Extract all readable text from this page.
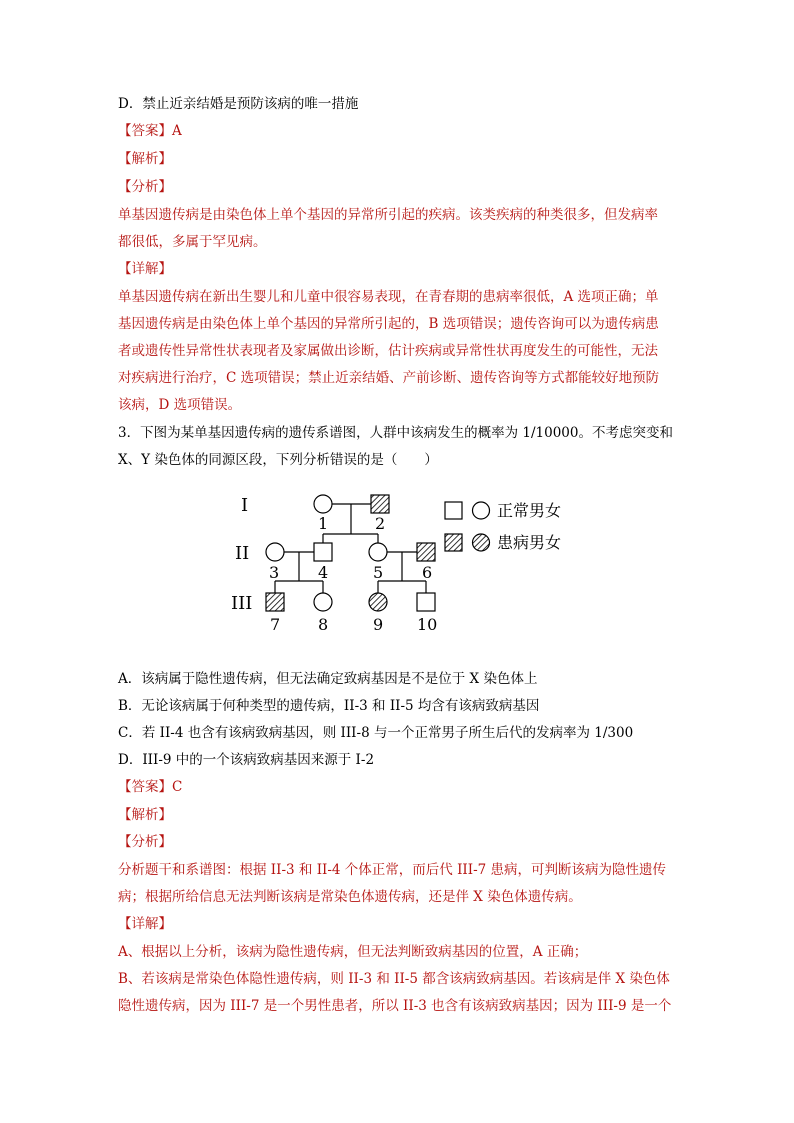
D．禁止近亲结婚是预防该病的唯一措施
【答案】A
【解析】
【分析】
单基因遗传病是由染色体上单个基因的异常所引起的疾病。该类疾病的种类很多，但发病率
都很低，多属于罕见病。
【详解】
单基因遗传病在新出生婴儿和儿童中很容易表现，在青春期的患病率很低，A 选项正确；单
基因遗传病是由染色体上单个基因的异常所引起的，B 选项错误；遗传咨询可以为遗传病患
者或遗传性异常性状表现者及家属做出诊断，估计疾病或异常性状再度发生的可能性，无法
对疾病进行治疗，C 选项错误；禁止近亲结婚、产前诊断、遗传咨询等方式都能较好地预防
该病，D 选项错误。
3．下图为某单基因遗传病的遗传系谱图，人群中该病发生的概率为 1/10000。不考虑突变和
X、Y 染色体的同源区段，下列分析错误的是（　　）
I
II
III
1	2
3 4	5 6
7 8	9 10
正常男女
患病男女
A．该病属于隐性遗传病，但无法确定致病基因是不是位于 X 染色体上
B．无论该病属于何种类型的遗传病，II-3 和 II-5 均含有该病致病基因
C．若 II-4 也含有该病致病基因，则 III-8 与一个正常男子所生后代的发病率为 1/300
D．III-9 中的一个该病致病基因来源于 I-2
【答案】C
【解析】
【分析】
分析题干和系谱图：根据 II-3 和 II-4 个体正常，而后代 III-7 患病，可判断该病为隐性遗传
病；根据所给信息无法判断该病是常染色体遗传病，还是伴 X 染色体遗传病。
【详解】
A、根据以上分析，该病为隐性遗传病，但无法判断致病基因的位置，A 正确；
B、若该病是常染色体隐性遗传病，则 II-3 和 II-5 都含该病致病基因。若该病是伴 X 染色体
隐性遗传病，因为 III-7 是一个男性患者，所以 II-3 也含有该病致病基因；因为 III-9 是一个
